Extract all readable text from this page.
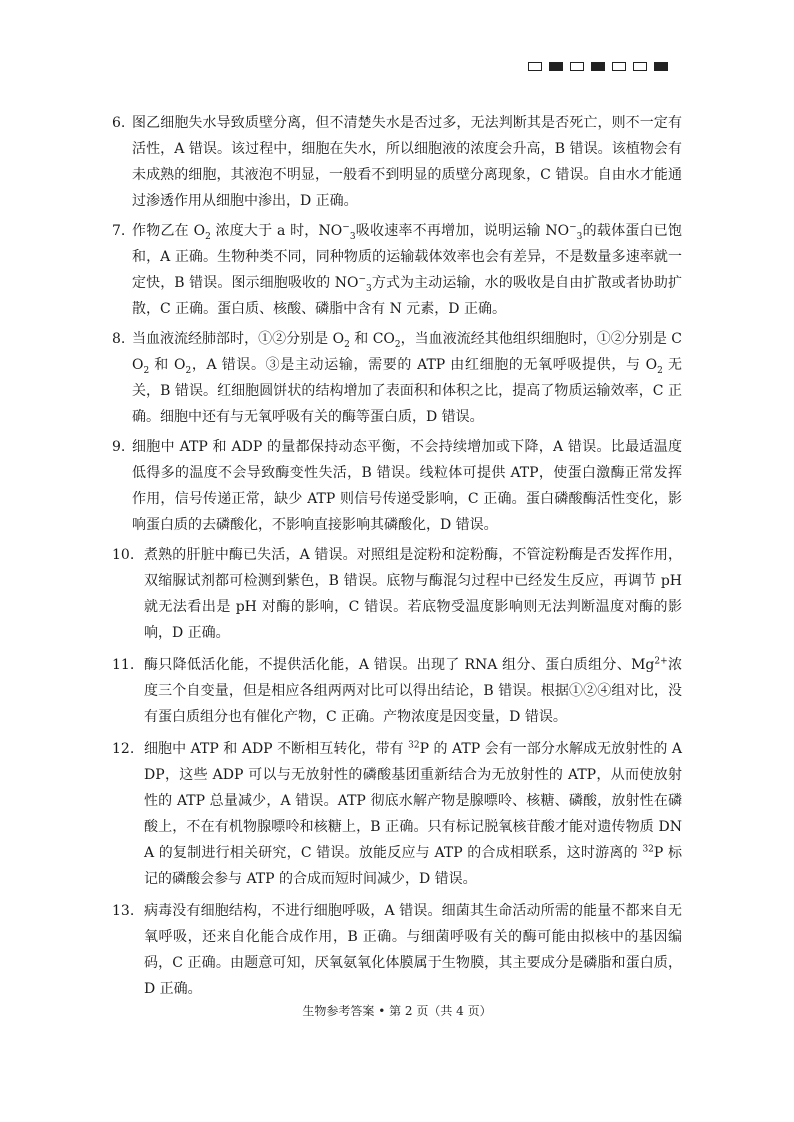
6. 图乙细胞失水导致质壁分离，但不清楚失水是否过多，无法判断其是否死亡，则不一定有活性，A 错误。该过程中，细胞在失水，所以细胞液的浓度会升高，B 错误。该植物会有未成熟的细胞，其液泡不明显，一般看不到明显的质壁分离现象，C 错误。自由水才能通过渗透作用从细胞中渗出，D 正确。
7. 作物乙在 $O_2$ 浓度大于 a 时，$NO^-_3$吸收速率不再增加，说明运输 $NO^-_3$的载体蛋白已饱和，A 正确。生物种类不同，同种物质的运输载体效率也会有差异，不是数量多速率就一定快，B 错误。图示细胞吸收的 $NO^-_3$方式为主动运输，水的吸收是自由扩散或者协助扩散，C 正确。蛋白质、核酸、磷脂中含有 N 元素，D 正确。
8. 当血液流经肺部时，①②分别是 $O_2$ 和 $CO_2$，当血液流经其他组织细胞时，①②分别是 $CO_2$ 和 $O_2$，A 错误。③是主动运输，需要的 ATP 由红细胞的无氧呼吸提供，与 $O_2$ 无关，B 错误。红细胞圆饼状的结构增加了表面积和体积之比，提高了物质运输效率，C 正确。细胞中还有与无氧呼吸有关的酶等蛋白质，D 错误。
9. 细胞中 ATP 和 ADP 的量都保持动态平衡，不会持续增加或下降，A 错误。比最适温度低得多的温度不会导致酶变性失活，B 错误。线粒体可提供 ATP，使蛋白激酶正常发挥作用，信号传递正常，缺少 ATP 则信号传递受影响，C 正确。蛋白磷酸酶活性变化，影响蛋白质的去磷酸化，不影响直接影响其磷酸化，D 错误。
10. 煮熟的肝脏中酶已失活，A 错误。对照组是淀粉和淀粉酶，不管淀粉酶是否发挥作用，双缩脲试剂都可检测到紫色，B 错误。底物与酶混匀过程中已经发生反应，再调节 pH 就无法看出是 pH 对酶的影响，C 错误。若底物受温度影响则无法判断温度对酶的影响，D 正确。
11. 酶只降低活化能，不提供活化能，A 错误。出现了 RNA 组分、蛋白质组分、$Mg^{2+}$浓度三个自变量，但是相应各组两两对比可以得出结论，B 错误。根据①②④组对比，没有蛋白质组分也有催化产物，C 正确。产物浓度是因变量，D 错误。
12. 细胞中 ATP 和 ADP 不断相互转化，带有 $^{32}$P 的 ATP 会有一部分水解成无放射性的 ADP，这些 ADP 可以与无放射性的磷酸基团重新结合为无放射性的 ATP，从而使放射性的 ATP 总量减少，A 错误。ATP 彻底水解产物是腺嘌呤、核糖、磷酸，放射性在磷酸上，不在有机物腺嘌呤和核糖上，B 正确。只有标记脱氧核苷酸才能对遗传物质 DNA 的复制进行相关研究，C 错误。放能反应与 ATP 的合成相联系，这时游离的 $^{32}$P 标记的磷酸会参与 ATP 的合成而短时间减少，D 错误。
13. 病毒没有细胞结构，不进行细胞呼吸，A 错误。细菌其生命活动所需的能量不都来自无氧呼吸，还来自化能合成作用，B 正确。与细菌呼吸有关的酶可能由拟核中的基因编码，C 正确。由题意可知，厌氧氨氧化体膜属于生物膜，其主要成分是磷脂和蛋白质，D 正确。
生物参考答案 • 第 2 页（共 4 页）
